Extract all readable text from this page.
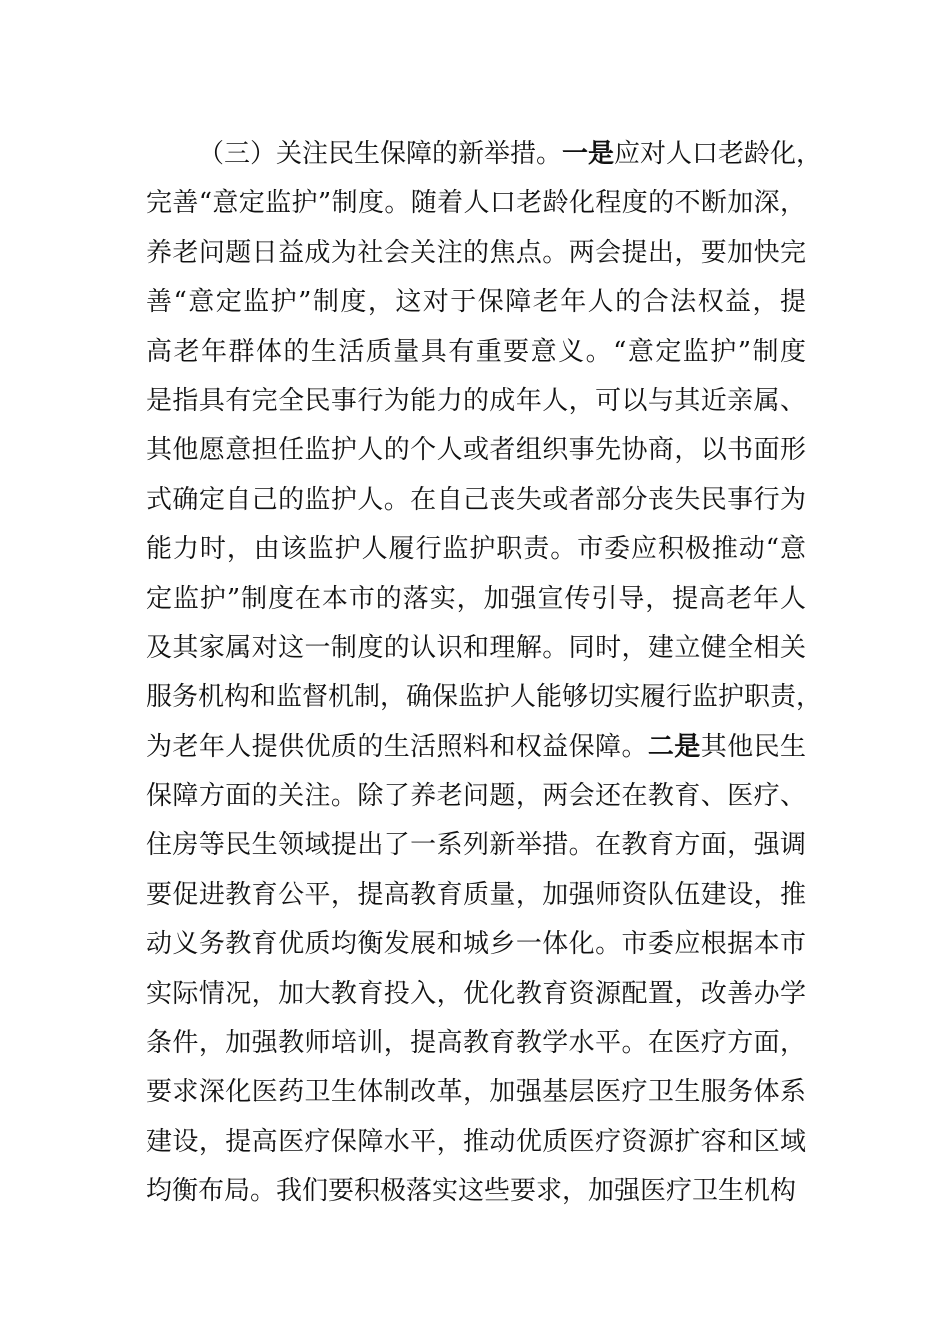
（三）关注民生保障的新举措。一是应对人口老龄化，
完善“意定监护”制度。随着人口老龄化程度的不断加深，
养老问题日益成为社会关注的焦点。两会提出，要加快完
善“意定监护”制度，这对于保障老年人的合法权益，提
高老年群体的生活质量具有重要意义。“意定监护”制度
是指具有完全民事行为能力的成年人，可以与其近亲属、
其他愿意担任监护人的个人或者组织事先协商，以书面形
式确定自己的监护人。在自己丧失或者部分丧失民事行为
能力时，由该监护人履行监护职责。市委应积极推动“意
定监护”制度在本市的落实，加强宣传引导，提高老年人
及其家属对这一制度的认识和理解。同时，建立健全相关
服务机构和监督机制，确保监护人能够切实履行监护职责，
为老年人提供优质的生活照料和权益保障。二是其他民生
保障方面的关注。除了养老问题，两会还在教育、医疗、
住房等民生领域提出了一系列新举措。在教育方面，强调
要促进教育公平，提高教育质量，加强师资队伍建设，推
动义务教育优质均衡发展和城乡一体化。市委应根据本市
实际情况，加大教育投入，优化教育资源配置，改善办学
条件，加强教师培训，提高教育教学水平。在医疗方面，
要求深化医药卫生体制改革，加强基层医疗卫生服务体系
建设，提高医疗保障水平，推动优质医疗资源扩容和区域
均衡布局。我们要积极落实这些要求，加强医疗卫生机构
